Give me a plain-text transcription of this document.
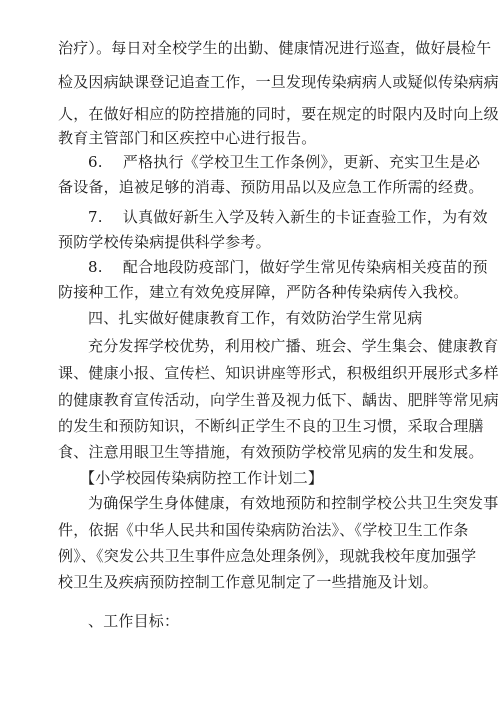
治疗）。每日对全校学生的出勤、健康情况进行巡查，做好晨检午
检及因病缺课登记追查工作，一旦发现传染病病人或疑似传染病病
人，在做好相应的防控措施的同时，要在规定的时限内及时向上级
教育主管部门和区疾控中心进行报告。
6.　 严格执行《学校卫生工作条例》，更新、充实卫生是必
备设备，追被足够的消毒、预防用品以及应急工作所需的经费。
7.　 认真做好新生入学及转入新生的卡证查验工作，为有效
预防学校传染病提供科学参考。
8.　 配合地段防疫部门，做好学生常见传染病相关疫苗的预
防接种工作，建立有效免疫屏障，严防各种传染病传入我校。
四、扎实做好健康教育工作，有效防治学生常见病
充分发挥学校优势，利用校广播、班会、学生集会、健康教育
课、健康小报、宣传栏、知识讲座等形式，积极组织开展形式多样
的健康教育宣传活动，向学生普及视力低下、龋齿、肥胖等常见病
的发生和预防知识，不断纠正学生不良的卫生习惯，采取合理膳
食、注意用眼卫生等措施，有效预防学校常见病的发生和发展。
【小学校园传染病防控工作计划二】
为确保学生身体健康，有效地预防和控制学校公共卫生突发事
件，依据《中华人民共和国传染病防治法》、《学校卫生工作条
例》、《突发公共卫生事件应急处理条例》，现就我校年度加强学
校卫生及疾病预防控制工作意见制定了一些措施及计划。
、工作目标：
